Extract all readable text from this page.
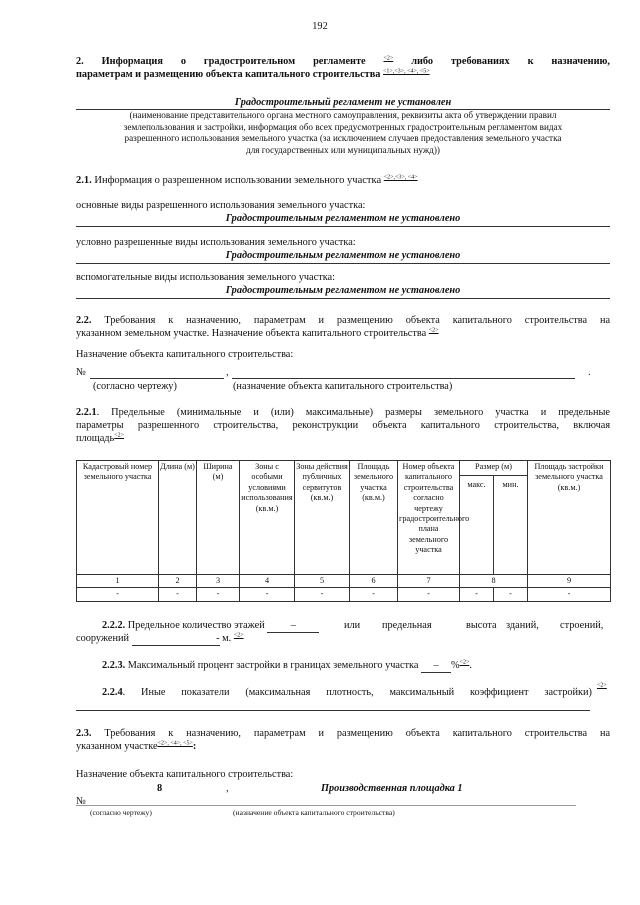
192
2. Информация о градостроительном регламенте	$^{<2>}$ либо требованиях к назначению,
параметрам и размещению объекта капитального строительства $^{<1>,<3>, <4>, <5>}$
Градостроительный регламент не установлен
(наименование представительного органа местного самоуправления, реквизиты акта об утверждении правил
землепользования и застройки, информация обо всех предусмотренных градостроительным регламентом видах
разрешенного использования земельного участка (за исключением случаев предоставления земельного участка
для государственных или муниципальных нужд))
2.1. Информация о разрешенном использовании земельного участка $^{<2>,<3>, <4>}$
основные виды разрешенного использования земельного участка:
Градостроительным регламентом не установлено
условно разрешенные виды использования земельного участка:
Градостроительным регламентом не установлено
вспомогательные виды использования земельного участка:
Градостроительным регламентом не установлено
2.2. Требования к назначению, параметрам и размещению объекта капитального строительства на
указанном земельном участке. Назначение объекта капитального строительства $^{<2>}$
Назначение объекта капитального строительства:
№	,	.
(согласно чертежу)	(назначение объекта капитального строительства)
2.2.1. Предельные (минимальные и (или) максимальные) размеры земельного участка и предельные
параметры разрешенного строительства, реконструкции объекта капитального строительства, включая
площадь$^{<2>}$
Кадастровый номер земельного участка	Длина (м)	Ширина (м)	Зоны с особыми условиями использования (кв.м.)	Зоны действия публичных сервитутов (кв.м.)	Площадь земельного участка (кв.м.)	Номер объекта капитального строительства согласно чертежу градостроительного плана земельного участка	Размер (м)		Площадь застройки земельного участка (кв.м.)
							макс.	мин.	
1	2	3	4	5	6	7	8		9
-	-	-	-	-	-	-	-	-	-
2.2.2. Предельное количество этажей	–	или предельная	высота зданий, строений,
сооружений	- м. $^{<2>}$
2.2.3. Максимальный процент застройки в границах земельного участка – %$^{<2>}$.
2.2.4. Иные показатели (максимальная плотность, максимальный коэффициент застройки)
$^{<2>}$
2.3. Требования к назначению, параметрам и размещению объекта капитального строительства на
указанном участке$^{<2>, <4>, <5>}$:
Назначение объекта капитального строительства:
8	,	Производственная площадка 1
№
(согласно чертежу)	(назначение объекта капитального строительства)
